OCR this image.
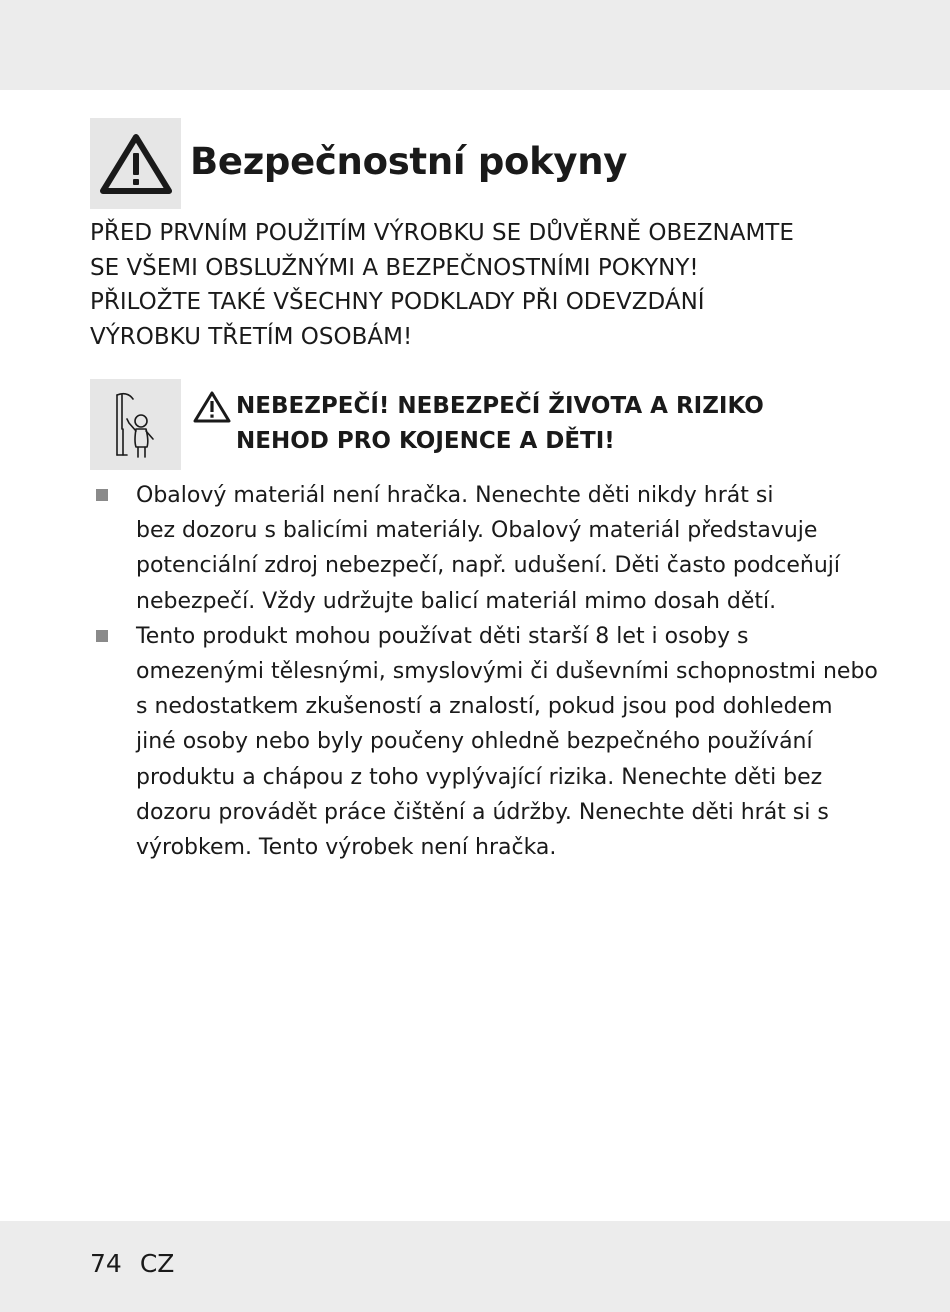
Bezpečnostní pokyny
PŘED PRVNÍM POUŽITÍM VÝROBKU SE DŮVĚRNĚ OBEZNAMTE
SE VŠEMI OBSLUŽNÝMI A BEZPEČNOSTNÍMI POKYNY!
PŘILOŽTE TAKÉ VŠECHNY PODKLADY PŘI ODEVZDÁNÍ
VÝROBKU TŘETÍM OSOBÁM!
NEBEZPEČÍ! NEBEZPEČÍ ŽIVOTA A RIZIKO
NEHOD PRO KOJENCE A DĚTI!
Obalový materiál není hračka. Nenechte děti nikdy hrát si
bez dozoru s balicími materiály. Obalový materiál představuje
potenciální zdroj nebezpečí, např. udušení. Děti často podceňují
nebezpečí. Vždy udržujte balicí materiál mimo dosah dětí.
Tento produkt mohou používat děti starší 8 let i osoby s
omezenými tělesnými, smyslovými či duševními schopnostmi nebo
s nedostatkem zkušeností a znalostí, pokud jsou pod dohledem
jiné osoby nebo byly poučeny ohledně bezpečného používání
produktu a chápou z toho vyplývající rizika. Nenechte děti bez
dozoru provádět práce čištění a údržby. Nenechte děti hrát si s
výrobkem. Tento výrobek není hračka.
74 CZ
